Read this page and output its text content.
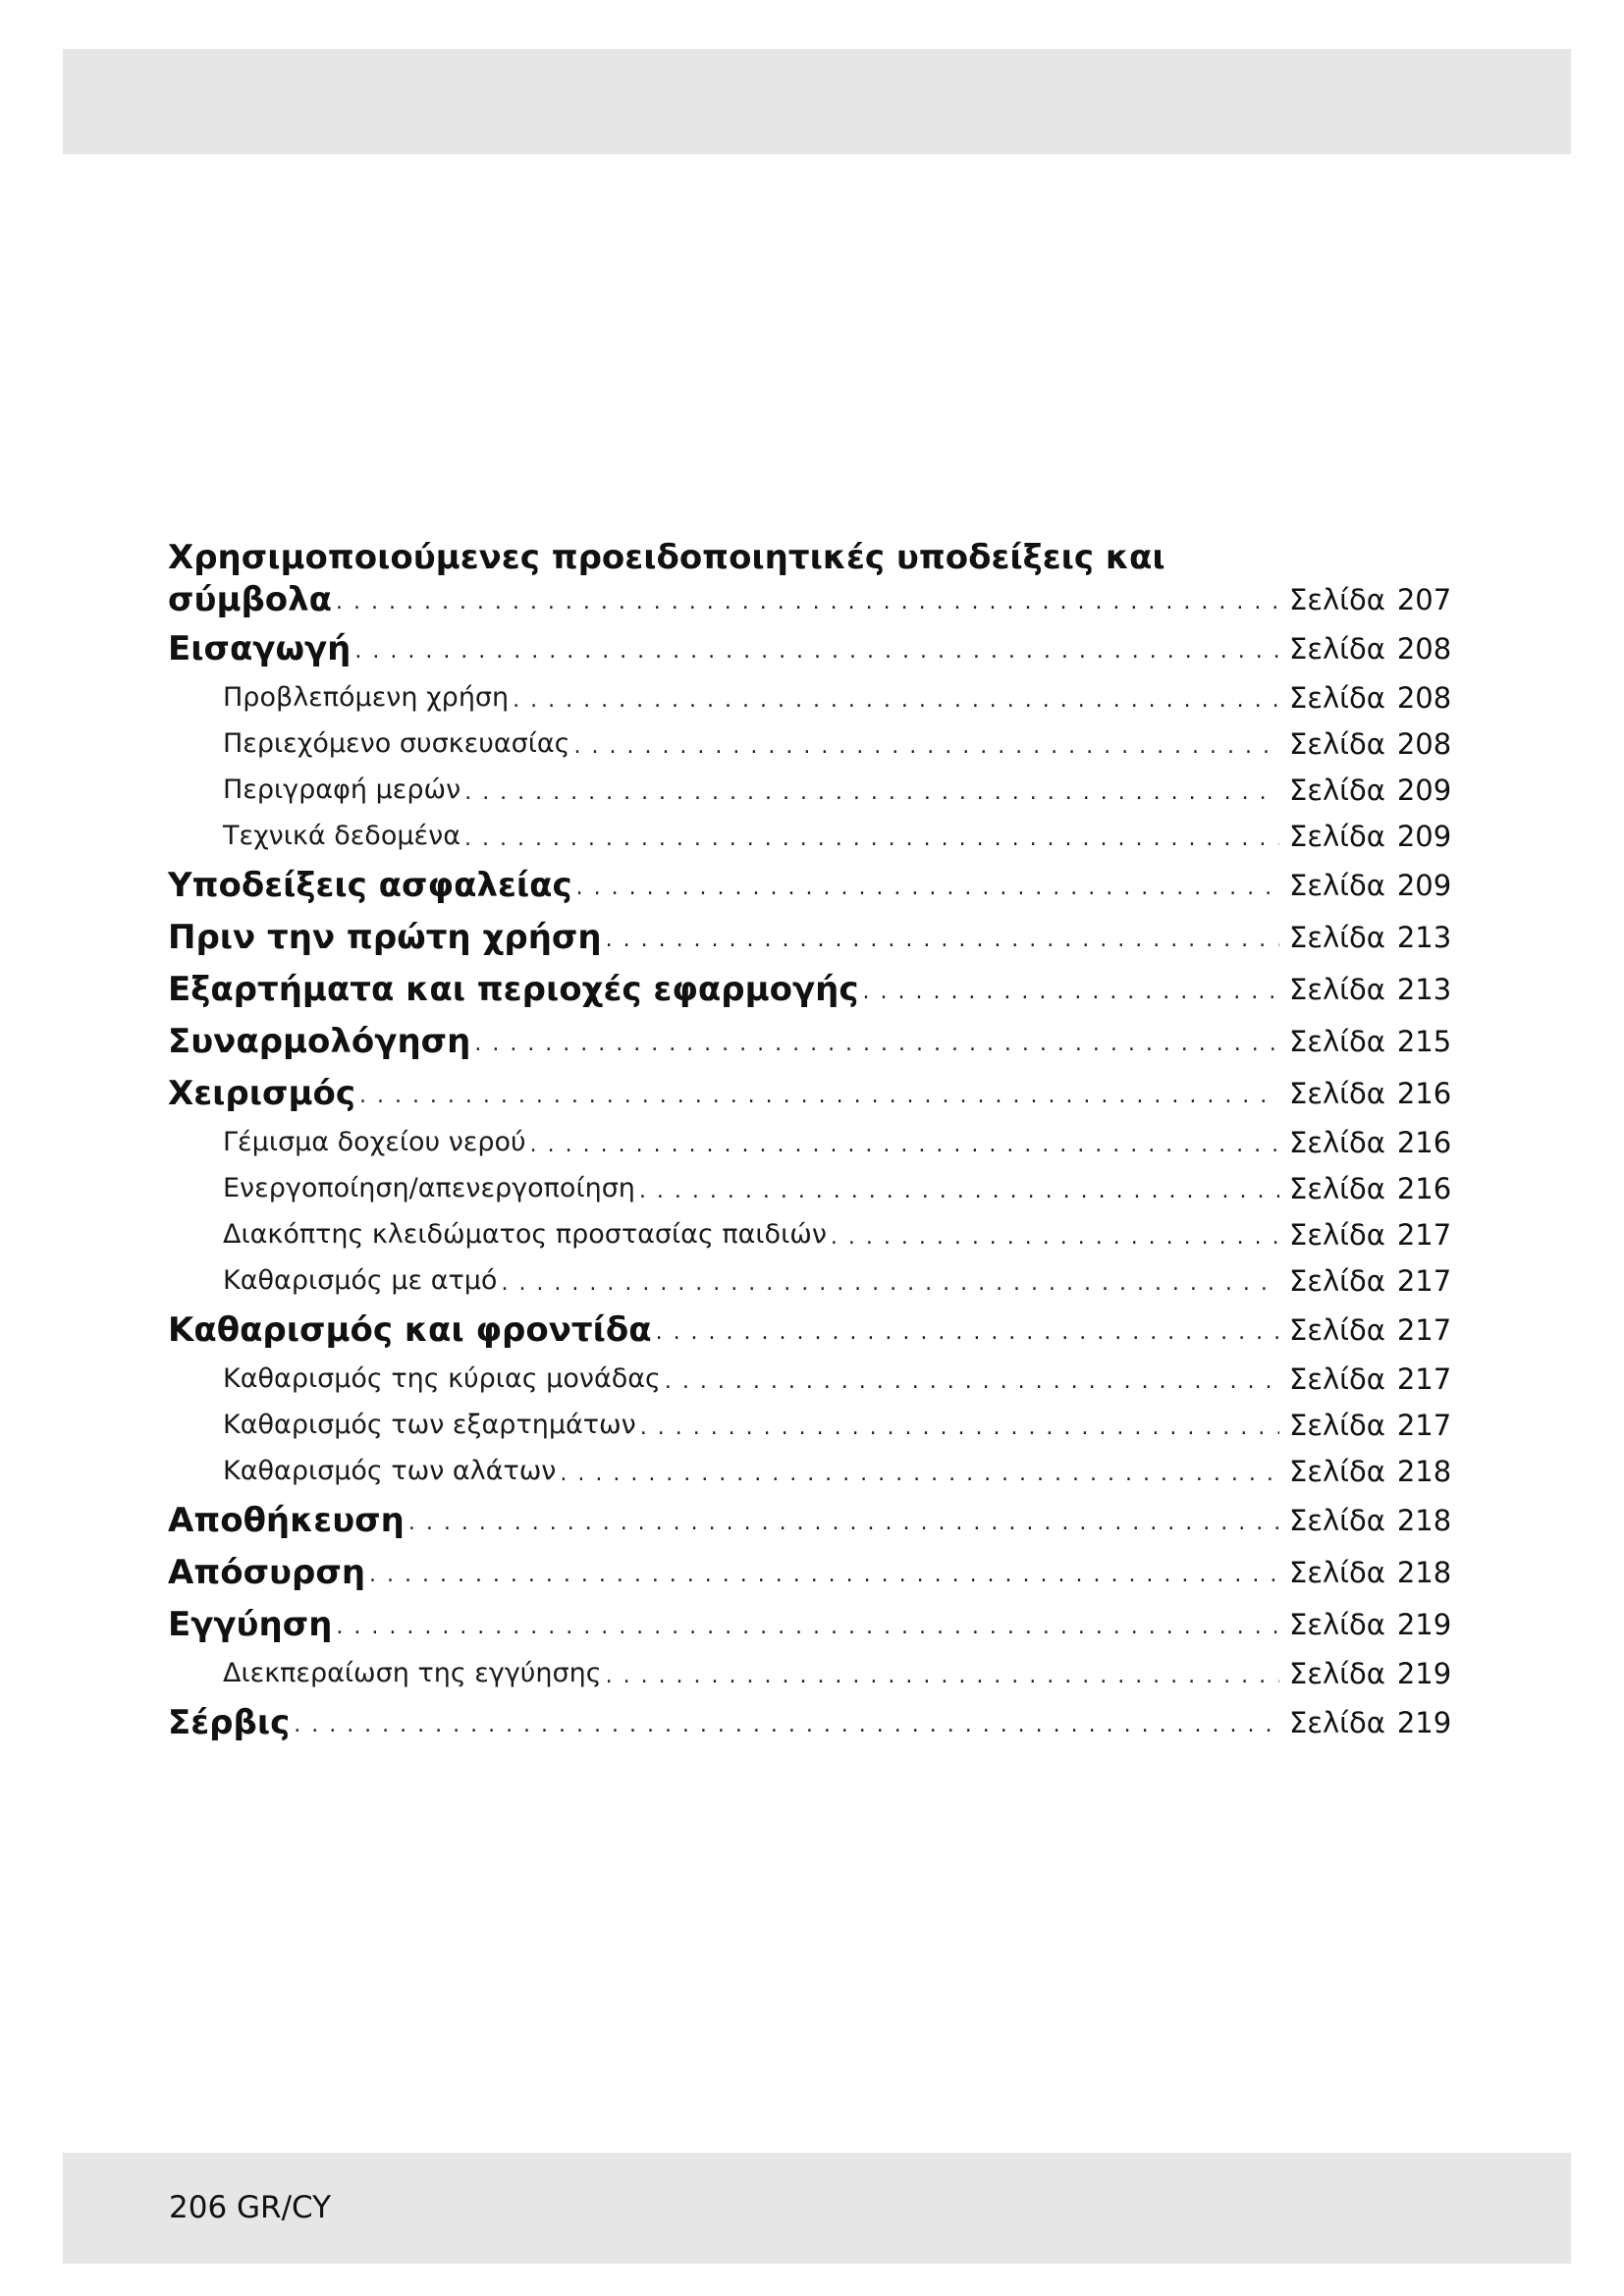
Χρησιμοποιούμενες προειδοποιητικές υποδείξεις και
σύμβολα . . .	Σελίδα 207
Εισαγωγή . . .	Σελίδα 208
Προβλεπόμενη χρήση . . .	Σελίδα 208
Περιεχόμενο συσκευασίας . . .	Σελίδα 208
Περιγραφή μερών . . .	Σελίδα 209
Τεχνικά δεδομένα . . .	Σελίδα 209
Υποδείξεις ασφαλείας . . .	Σελίδα 209
Πριν την πρώτη χρήση . . .	Σελίδα 213
Εξαρτήματα και περιοχές εφαρμογής . . .	Σελίδα 213
Συναρμολόγηση . . .	Σελίδα 215
Χειρισμός . . .	Σελίδα 216
Γέμισμα δοχείου νερού . . .	Σελίδα 216
Ενεργοποίηση/απενεργοποίηση . . .	Σελίδα 216
Διακόπτης κλειδώματος προστασίας παιδιών . . .	Σελίδα 217
Καθαρισμός με ατμό . . .	Σελίδα 217
Καθαρισμός και φροντίδα . . .	Σελίδα 217
Καθαρισμός της κύριας μονάδας . . .	Σελίδα 217
Καθαρισμός των εξαρτημάτων . . .	Σελίδα 217
Καθαρισμός των αλάτων . . .	Σελίδα 218
Αποθήκευση . . .	Σελίδα 218
Απόσυρση . . .	Σελίδα 218
Εγγύηση . . .	Σελίδα 219
Διεκπεραίωση της εγγύησης . . .	Σελίδα 219
Σέρβις . . .	Σελίδα 219
206 GR/CY
